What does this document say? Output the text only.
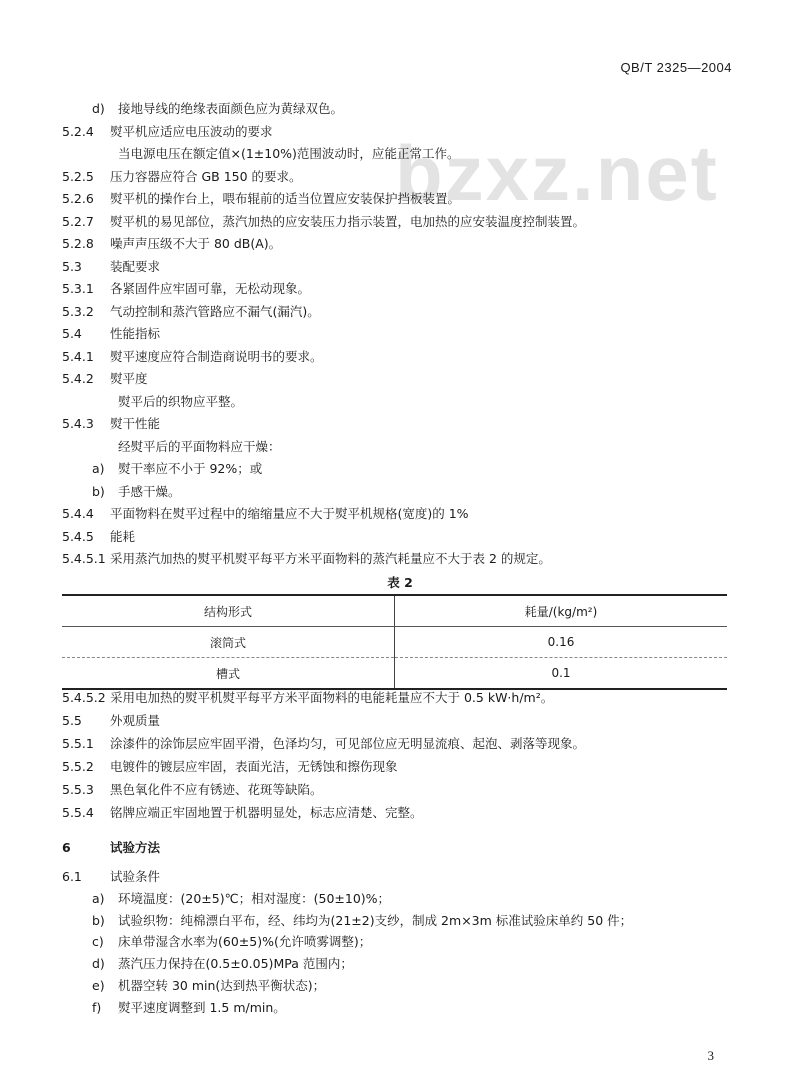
QB/T 2325—2004
bzxz.net
d) 接地导线的绝缘表面颜色应为黄绿双色。
5.2.4 熨平机应适应电压波动的要求
当电源电压在额定值×(1±10%)范围波动时，应能正常工作。
5.2.5 压力容器应符合 GB 150 的要求。
5.2.6 熨平机的操作台上，喂布辊前的适当位置应安装保护挡板装置。
5.2.7 熨平机的易见部位，蒸汽加热的应安装压力指示装置，电加热的应安装温度控制装置。
5.2.8 噪声声压级不大于 80 dB(A)。
5.3 装配要求
5.3.1 各紧固件应牢固可靠，无松动现象。
5.3.2 气动控制和蒸汽管路应不漏气(漏汽)。
5.4 性能指标
5.4.1 熨平速度应符合制造商说明书的要求。
5.4.2 熨平度
熨平后的织物应平整。
5.4.3 熨干性能
经熨平后的平面物料应干燥：
a) 熨干率应不小于 92%；或
b) 手感干燥。
5.4.4 平面物料在熨平过程中的缩缩量应不大于熨平机规格(宽度)的 1%
5.4.5 能耗
5.4.5.1 采用蒸汽加热的熨平机熨平每平方米平面物料的蒸汽耗量应不大于表 2 的规定。
表 2
结构形式	耗量/(kg/m²)
滚筒式	0.16
槽式	0.1
5.4.5.2 采用电加热的熨平机熨平每平方米平面物料的电能耗量应不大于 0.5 kW·h/m²。
5.5 外观质量
5.5.1 涂漆件的涂饰层应牢固平滑，色泽均匀，可见部位应无明显流痕、起泡、剥落等现象。
5.5.2 电镀件的镀层应牢固，表面光洁，无锈蚀和擦伤现象
5.5.3 黑色氧化件不应有锈迹、花斑等缺陷。
5.5.4 铭牌应端正牢固地置于机器明显处，标志应清楚、完整。
6	试验方法
6.1 试验条件
a) 环境温度：(20±5)℃；相对湿度：(50±10)%；
b) 试验织物：纯棉漂白平布，经、纬均为(21±2)支纱，制成 2m×3m 标准试验床单约 50 件；
c) 床单带湿含水率为(60±5)%(允许喷雾调整)；
d) 蒸汽压力保持在(0.5±0.05)MPa 范围内；
e) 机器空转 30 min(达到热平衡状态)；
f) 熨平速度调整到 1.5 m/min。
3
